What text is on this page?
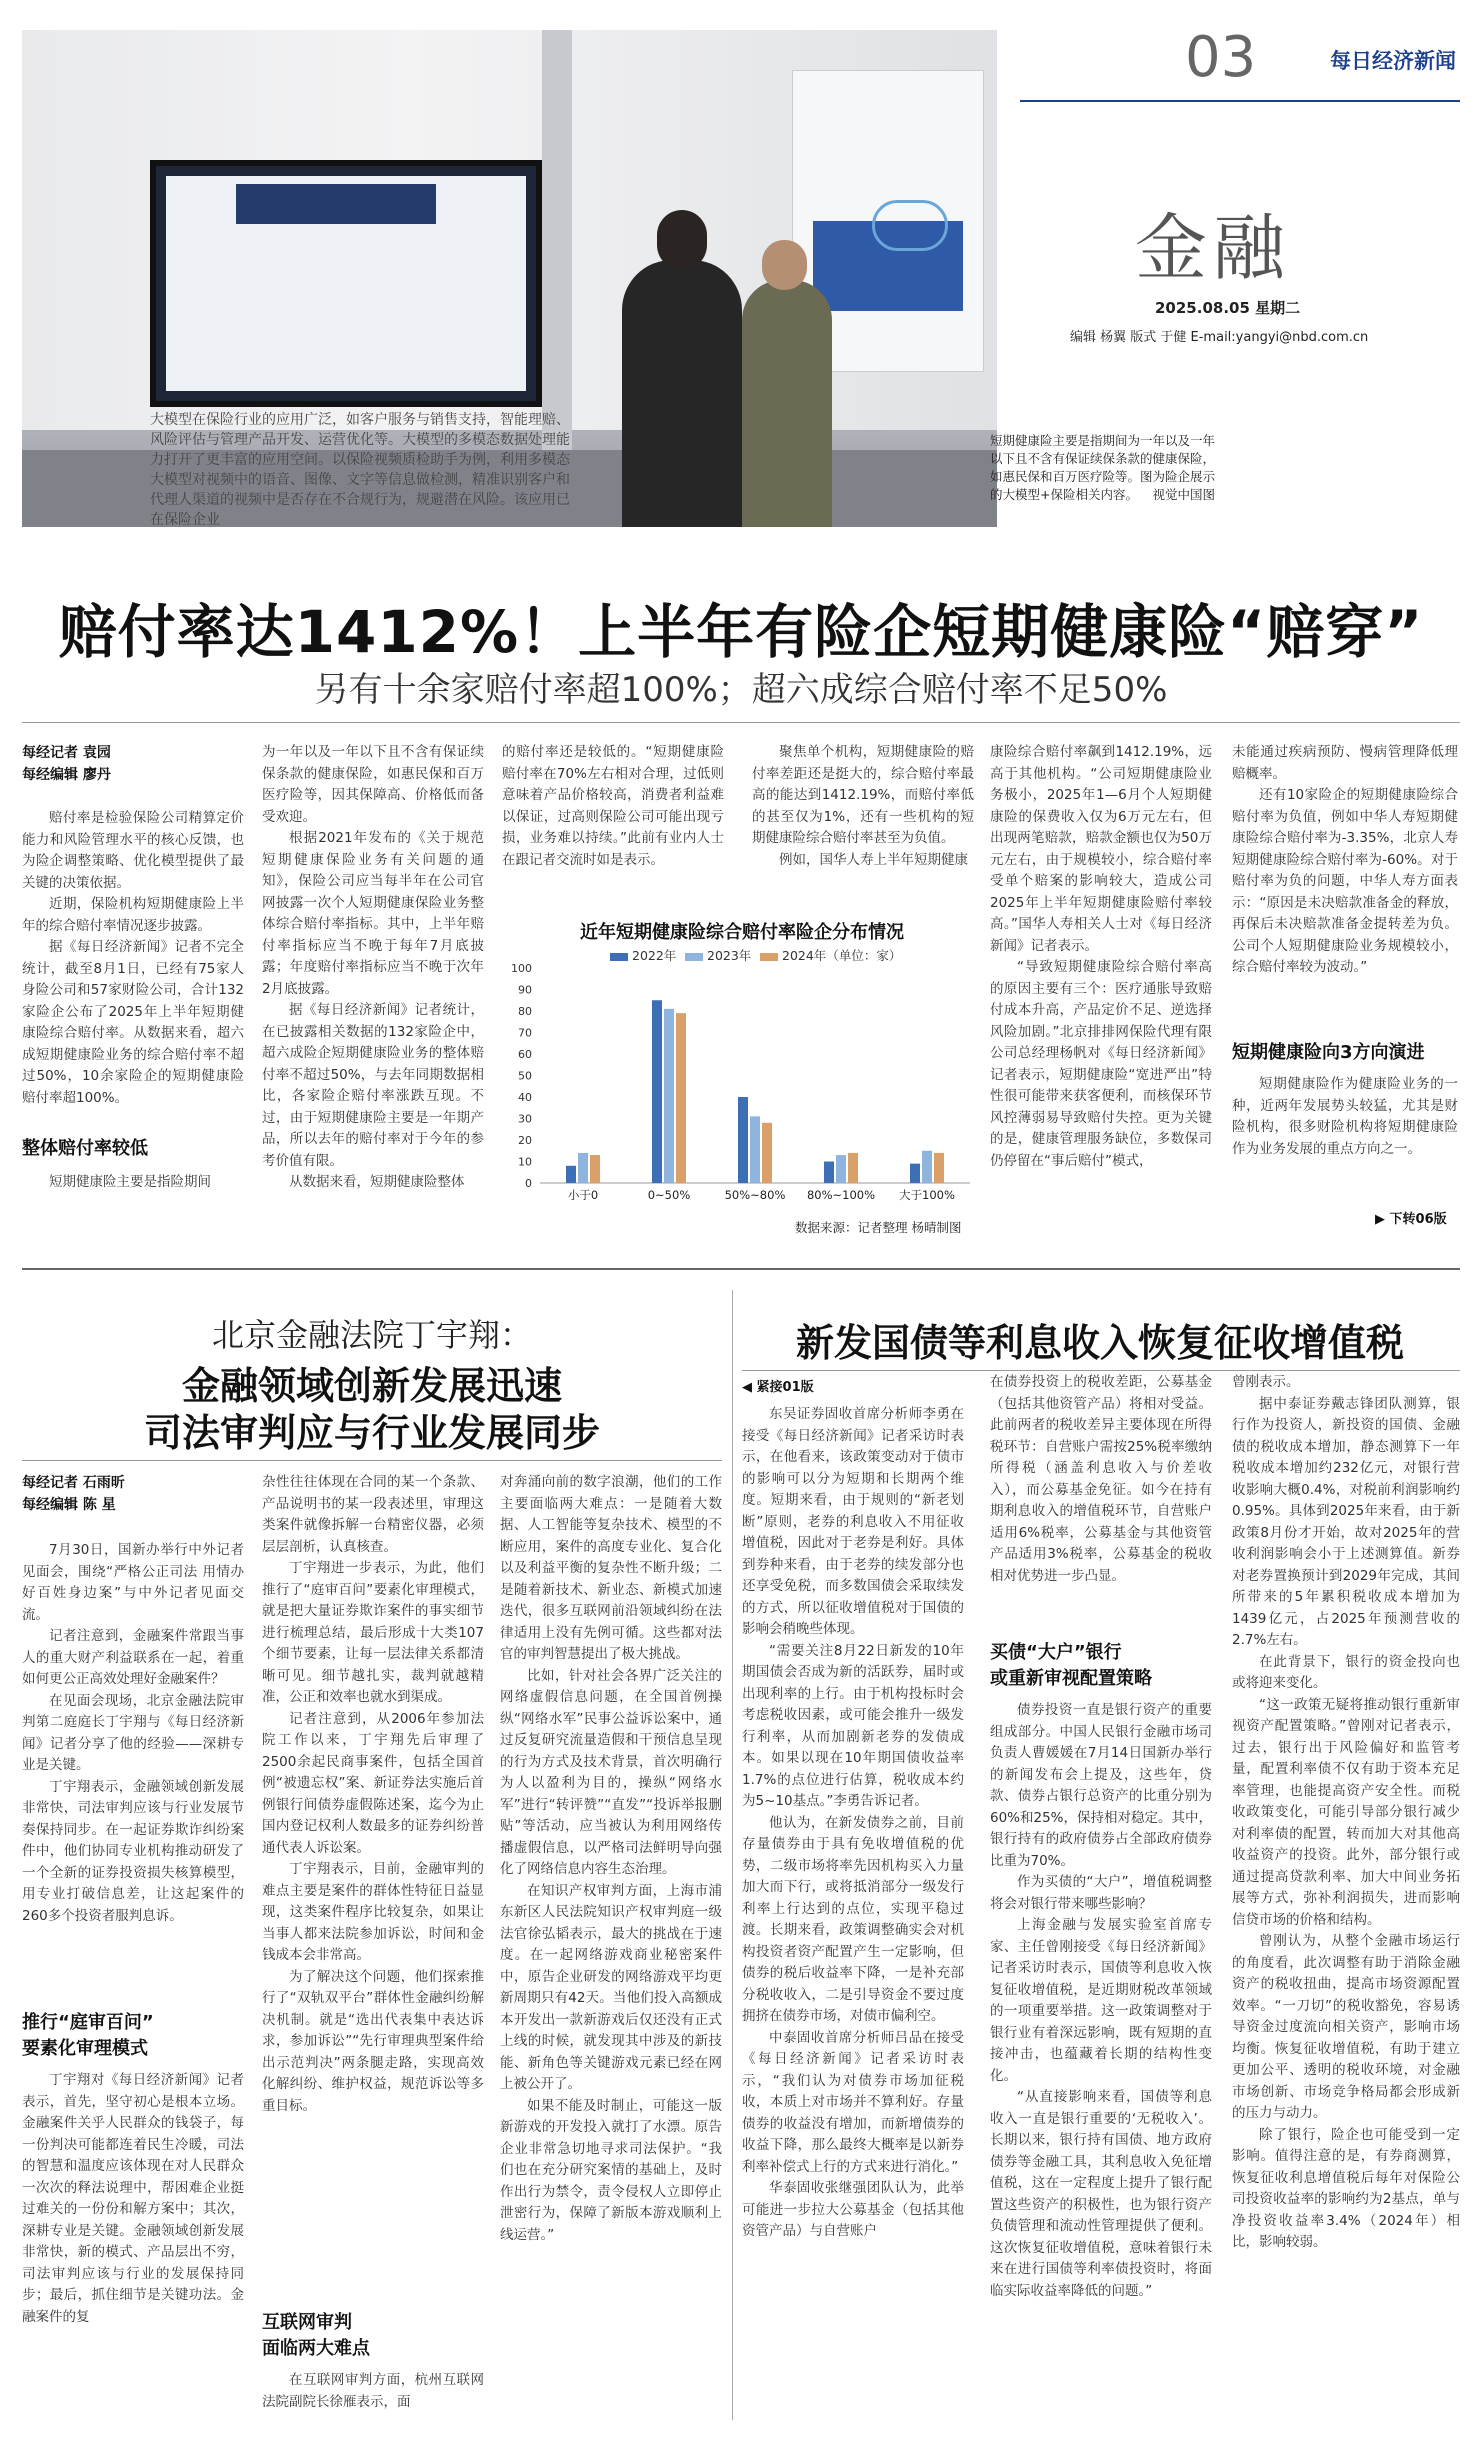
大模型在保险行业的应用广泛，如客户服务与销售支持，智能理赔、风险评估与管理产品开发、运营优化等。大模型的多模态数据处理能力打开了更丰富的应用空间。以保险视频质检助手为例，利用多模态大模型对视频中的语音、图像、文字等信息做检测，精准识别客户和代理人渠道的视频中是否存在不合规行为，规避潜在风险。该应用已在保险企业
03	每日经济新闻
金融
2025.08.05 星期二
编辑 杨翼 版式 于健 E-mail:yangyi@nbd.com.cn
短期健康险主要是指期间为一年以及一年以下且不含有保证续保条款的健康保险，如惠民保和百万医疗险等。图为险企展示的大模型+保险相关内容。 视觉中国图
赔付率达1412%！上半年有险企短期健康险“赔穿”
另有十余家赔付率超100%；超六成综合赔付率不足50%
每经记者 袁园
每经编辑 廖丹

赔付率是检验保险公司精算定价能力和风险管理水平的核心反馈，也为险企调整策略、优化模型提供了最关键的决策依据。

近期，保险机构短期健康险上半年的综合赔付率情况逐步披露。

据《每日经济新闻》记者不完全统计，截至8月1日，已经有75家人身险公司和57家财险公司，合计132家险企公布了2025年上半年短期健康险综合赔付率。从数据来看，超六成短期健康险业务的综合赔付率不超过50%，10余家险企的短期健康险赔付率超100%。

整体赔付率较低

短期健康险主要是指险期间

为一年以及一年以下且不含有保证续保条款的健康保险，如惠民保和百万医疗险等，因其保障高、价格低而备受欢迎。

根据2021年发布的《关于规范短期健康保险业务有关问题的通知》，保险公司应当每半年在公司官网披露一次个人短期健康保险业务整体综合赔付率指标。其中，上半年赔付率指标应当不晚于每年7月底披露；年度赔付率指标应当不晚于次年2月底披露。

据《每日经济新闻》记者统计，在已披露相关数据的132家险企中，超六成险企短期健康险业务的整体赔付率不超过50%，与去年同期数据相比，各家险企赔付率涨跌互现。不过，由于短期健康险主要是一年期产品，所以去年的赔付率对于今年的参考价值有限。

从数据来看，短期健康险整体

的赔付率还是较低的。“短期健康险赔付率在70%左右相对合理，过低则意味着产品价格较高，消费者利益难以保证，过高则保险公司可能出现亏损，业务难以持续。”此前有业内人士在跟记者交流时如是表示。

聚焦单个机构，短期健康险的赔付率差距还是挺大的，综合赔付率最高的能达到1412.19%，而赔付率低的甚至仅为1%，还有一些机构的短期健康险综合赔付率甚至为负值。

例如，国华人寿上半年短期健康

康险综合赔付率飙到1412.19%，远高于其他机构。“公司短期健康险业务极小，2025年1—6月个人短期健康险的保费收入仅为6万元左右，但出现两笔赔款，赔款金额也仅为50万元左右，由于规模较小，综合赔付率受单个赔案的影响较大，造成公司2025年上半年短期健康险赔付率较高。”国华人寿相关人士对《每日经济新闻》记者表示。

“导致短期健康险综合赔付率高的原因主要有三个：医疗通胀导致赔付成本升高，产品定价不足、逆选择风险加剧。”北京排排网保险代理有限公司总经理杨帆对《每日经济新闻》记者表示，短期健康险“宽进严出”特性很可能带来获客便利，而核保环节风控薄弱易导致赔付失控。更为关键的是，健康管理服务缺位，多数保司仍停留在“事后赔付”模式，

未能通过疾病预防、慢病管理降低理赔概率。

还有10家险企的短期健康险综合赔付率为负值，例如中华人寿短期健康险综合赔付率为-3.35%，北京人寿短期健康险综合赔付率为-60%。对于赔付率为负的问题，中华人寿方面表示：“原因是未决赔款准备金的释放，再保后未决赔款准备金提转差为负。公司个人短期健康险业务规模较小，综合赔付率较为波动。”

短期健康险向3方向演进

短期健康险作为健康险业务的一种，近两年发展势头较猛，尤其是财险机构，很多财险机构将短期健康险作为业务发展的重点方向之一。

▶ 下转06版
近年短期健康险综合赔付率险企分布情况
2022年	2023年	2024年（单位：家）
0
10
20
30
40
50
60
70
80
90
100
小于0	0~50%	50%~80% 80%~100% 大于100%
数据来源：记者整理 杨晴制图
北京金融法院丁宇翔：
金融领域创新发展迅速
司法审判应与行业发展同步
每经记者 石雨昕
每经编辑 陈 星

7月30日，国新办举行中外记者见面会，围绕“严格公正司法 用情办好百姓身边案”与中外记者见面交流。

记者注意到，金融案件常跟当事人的重大财产利益联系在一起，着重如何更公正高效处理好金融案件？

在见面会现场，北京金融法院审判第二庭庭长丁宇翔与《每日经济新闻》记者分享了他的经验——深耕专业是关键。

丁宇翔表示，金融领域创新发展非常快，司法审判应该与行业发展节奏保持同步。在一起证券欺诈纠纷案件中，他们协同专业机构推动研发了一个全新的证券投资损失核算模型，用专业打破信息差，让这起案件的260多个投资者服判息诉。

推行“庭审百问”
要素化审理模式

丁宇翔对《每日经济新闻》记者表示，首先，坚守初心是根本立场。金融案件关乎人民群众的钱袋子，每一份判决可能都连着民生冷暖，司法的智慧和温度应该体现在对人民群众一次次的释法说理中，帮困难企业挺过难关的一份份和解方案中；其次，深耕专业是关键。金融领域创新发展非常快，新的模式、产品层出不穷，司法审判应该与行业的发展保持同步；最后，抓住细节是关键功法。金融案件的复

杂性往往体现在合同的某一个条款、产品说明书的某一段表述里，审理这类案件就像拆解一台精密仪器，必须层层剖析，认真核查。

丁宇翔进一步表示，为此，他们推行了“庭审百问”要素化审理模式，就是把大量证券欺诈案件的事实细节进行梳理总结，最后形成十大类107个细节要素，让每一层法律关系都清晰可见。细节越扎实，裁判就越精准，公正和效率也就水到渠成。

记者注意到，从2006年参加法院工作以来，丁宇翔先后审理了2500余起民商事案件，包括全国首例“被遗忘权”案、新证券法实施后首例银行间债券虚假陈述案，迄今为止国内登记权利人数最多的证券纠纷普通代表人诉讼案。

丁宇翔表示，目前，金融审判的难点主要是案件的群体性特征日益显现，这类案件程序比较复杂，如果让当事人都来法院参加诉讼，时间和金钱成本会非常高。

为了解决这个问题，他们探索推行了“双轨双平台”群体性金融纠纷解决机制。就是“选出代表集中表达诉求，参加诉讼”“先行审理典型案件给出示范判决”两条腿走路，实现高效化解纠纷、维护权益，规范诉讼等多重目标。

互联网审判
面临两大难点

在互联网审判方面，杭州互联网法院副院长徐雁表示，面

对奔涌向前的数字浪潮，他们的工作主要面临两大难点：一是随着大数据、人工智能等复杂技术、模型的不断应用，案件的高度专业化、复合化以及利益平衡的复杂性不断升级；二是随着新技术、新业态、新模式加速迭代，很多互联网前沿领域纠纷在法律适用上没有先例可循。这些都对法官的审判智慧提出了极大挑战。

比如，针对社会各界广泛关注的网络虚假信息问题，在全国首例操纵“网络水军”民事公益诉讼案中，通过反复研究流量造假和干预信息呈现的行为方式及技术背景，首次明确行为人以盈利为目的，操纵“网络水军”进行“转评赞”“直发”“投诉举报删贴”等活动，应当被认为利用网络传播虚假信息，以严格司法鲜明导向强化了网络信息内容生态治理。

在知识产权审判方面，上海市浦东新区人民法院知识产权审判庭一级法官徐弘韬表示，最大的挑战在于速度。在一起网络游戏商业秘密案件中，原告企业研发的网络游戏平均更新周期只有42天。当他们投入高额成本开发出一款新游戏后仅还没有正式上线的时候，就发现其中涉及的新技能、新角色等关键游戏元素已经在网上被公开了。

如果不能及时制止，可能这一版新游戏的开发投入就打了水漂。原告企业非常急切地寻求司法保护。“我们也在充分研究案情的基础上，及时作出行为禁令，责令侵权人立即停止泄密行为，保障了新版本游戏顺利上线运营。”

新发国债等利息收入恢复征收增值税
◀ 紧接01版

东吴证券固收首席分析师李勇在接受《每日经济新闻》记者采访时表示，在他看来，该政策变动对于债市的影响可以分为短期和长期两个维度。短期来看，由于规则的“新老划断”原则，老券的利息收入不用征收增值税，因此对于老券是利好。具体到券种来看，由于老券的续发部分也还享受免税，而多数国债会采取续发的方式，所以征收增值税对于国债的影响会稍晚些体现。

“需要关注8月22日新发的10年期国债会否成为新的活跃券，届时或出现利率的上行。由于机构投标时会考虑税收因素，或可能会推升一级发行利率，从而加剧新老券的发债成本。如果以现在10年期国债收益率1.7%的点位进行估算，税收成本约为5~10基点。”李勇告诉记者。

他认为，在新发债券之前，目前存量债券由于具有免收增值税的优势，二级市场将率先因机构买入力量加大而下行，或将抵消部分一级发行利率上行达到的点位，实现平稳过渡。长期来看，政策调整确实会对机构投资者资产配置产生一定影响，但债券的税后收益率下降，一是补充部分税收收入，二是引导资金不要过度拥挤在债券市场，对债市偏利空。

中泰固收首席分析师吕品在接受《每日经济新闻》记者采访时表示，“我们认为对债券市场加征税收，本质上对市场并不算利好。存量债券的收益没有增加，而新增债券的收益下降，那么最终大概率是以新券利率补偿式上行的方式来进行消化。”

华泰固收张继强团队认为，此举可能进一步拉大公募基金（包括其他资管产品）与自营账户

在债券投资上的税收差距，公募基金（包括其他资管产品）将相对受益。此前两者的税收差异主要体现在所得税环节：自营账户需按25%税率缴纳所得税（涵盖利息收入与价差收入），而公募基金免征。如今在持有期利息收入的增值税环节，自营账户适用6%税率，公募基金与其他资管产品适用3%税率，公募基金的税收相对优势进一步凸显。

买债“大户”银行
或重新审视配置策略

债券投资一直是银行资产的重要组成部分。中国人民银行金融市场司负责人曹媛媛在7月14日国新办举行的新闻发布会上提及，这些年，贷款、债券占银行总资产的比重分别为60%和25%，保持相对稳定。其中，银行持有的政府债券占全部政府债券比重为70%。

作为买债的“大户”，增值税调整将会对银行带来哪些影响？

上海金融与发展实验室首席专家、主任曾刚接受《每日经济新闻》记者采访时表示，国债等利息收入恢复征收增值税，是近期财税改革领域的一项重要举措。这一政策调整对于银行业有着深远影响，既有短期的直接冲击，也蕴藏着长期的结构性变化。

“从直接影响来看，国债等利息收入一直是银行重要的‘无税收入’。长期以来，银行持有国债、地方政府债券等金融工具，其利息收入免征增值税，这在一定程度上提升了银行配置这些资产的积极性，也为银行资产负债管理和流动性管理提供了便利。这次恢复征收增值税，意味着银行未来在进行国债等利率债投资时，将面临实际收益率降低的问题。”

曾刚表示。

据中泰证券戴志锋团队测算，银行作为投资人，新投资的国债、金融债的税收成本增加，静态测算下一年税收成本增加约232亿元，对银行营收影响大概0.4%，对税前利润影响约0.95%。具体到2025年来看，由于新政策8月份才开始，故对2025年的营收利润影响会小于上述测算值。新券对老券置换预计到2029年完成，其间所带来的5年累积税收成本增加为1439亿元，占2025年预测营收的2.7%左右。

在此背景下，银行的资金投向也或将迎来变化。

“这一政策无疑将推动银行重新审视资产配置策略。”曾刚对记者表示，过去，银行出于风险偏好和监管考量，配置利率债不仅有助于资本充足率管理，也能提高资产安全性。而税收政策变化，可能引导部分银行减少对利率债的配置，转而加大对其他高收益资产的投资。此外，部分银行或通过提高贷款利率、加大中间业务拓展等方式，弥补利润损失，进而影响信贷市场的价格和结构。

曾刚认为，从整个金融市场运行的角度看，此次调整有助于消除金融资产的税收扭曲，提高市场资源配置效率。“一刀切”的税收豁免，容易诱导资金过度流向相关资产，影响市场均衡。恢复征收增值税，有助于建立更加公平、透明的税收环境，对金融市场创新、市场竞争格局都会形成新的压力与动力。

除了银行，险企也可能受到一定影响。值得注意的是，有券商测算，恢复征收利息增值税后每年对保险公司投资收益率的影响约为2基点，单与净投资收益率3.4%（2024年）相比，影响较弱。
